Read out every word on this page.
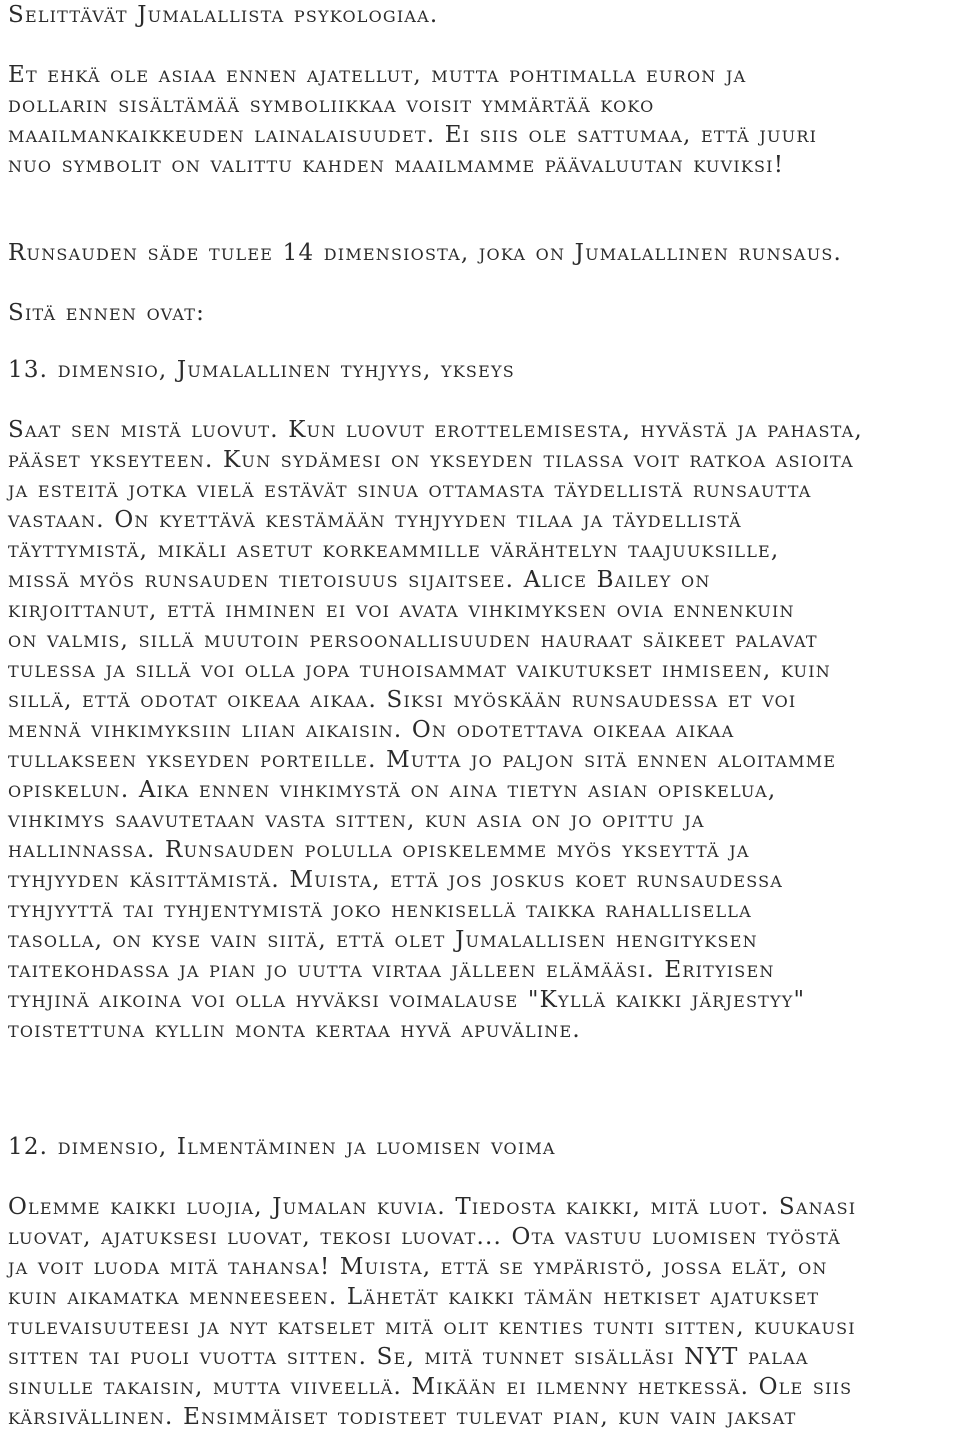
Selittävät Jumalallista psykologiaa.

Et ehkä ole asiaa ennen ajatellut, mutta pohtimalla euron ja
dollarin sisältämää symboliikkaa voisit ymmärtää koko
maailmankaikkeuden lainalaisuudet. Ei siis ole sattumaa, että juuri
nuo symbolit on valittu kahden maailmamme päävaluutan kuviksi!

Runsauden säde tulee 14 dimensiosta, joka on Jumalallinen runsaus.

Sitä ennen ovat:

13. dimensio, Jumalallinen tyhjyys, ykseys

Saat sen mistä luovut. Kun luovut erottelemisesta, hyvästä ja pahasta,
pääset ykseyteen. Kun sydämesi on ykseyden tilassa voit ratkoa asioita
ja esteitä jotka vielä estävät sinua ottamasta täydellistä runsautta
vastaan. On kyettävä kestämään tyhjyyden tilaa ja täydellistä
täyttymistä, mikäli asetut korkeammille värähtelyn taajuuksille,
missä myös runsauden tietoisuus sijaitsee. Alice Bailey on
kirjoittanut, että ihminen ei voi avata vihkimyksen ovia ennenkuin
on valmis, sillä muutoin persoonallisuuden hauraat säikeet palavat
tulessa ja sillä voi olla jopa tuhoisammat vaikutukset ihmiseen, kuin
sillä, että odotat oikeaa aikaa. Siksi myöskään runsaudessa et voi
mennä vihkimyksiin liian aikaisin. On odotettava oikeaa aikaa
tullakseen ykseyden porteille. Mutta jo paljon sitä ennen aloitamme
opiskelun. Aika ennen vihkimystä on aina tietyn asian opiskelua,
vihkimys saavutetaan vasta sitten, kun asia on jo opittu ja
hallinnassa. Runsauden polulla opiskelemme myös ykseyttä ja
tyhjyyden käsittämistä. Muista, että jos joskus koet runsaudessa
tyhjyyttä tai tyhjentymistä joko henkisellä taikka rahallisella
tasolla, on kyse vain siitä, että olet Jumalallisen hengityksen
taitekohdassa ja pian jo uutta virtaa jälleen elämääsi. Erityisen
tyhjinä aikoina voi olla hyväksi voimalause "Kyllä kaikki järjestyy"
toistettuna kyllin monta kertaa hyvä apuväline.

12. dimensio, Ilmentäminen ja luomisen voima

Olemme kaikki luojia, Jumalan kuvia. Tiedosta kaikki, mitä luot. Sanasi
luovat, ajatuksesi luovat, tekosi luovat... Ota vastuu luomisen työstä
ja voit luoda mitä tahansa! Muista, että se ympäristö, jossa elät, on
kuin aikamatka menneeseen. Lähetät kaikki tämän hetkiset ajatukset
tulevaisuuteesi ja nyt katselet mitä olit kenties tunti sitten, kuukausi
sitten tai puoli vuotta sitten. Se, mitä tunnet sisälläsi NYT palaa
sinulle takaisin, mutta viiveellä. Mikään ei ilmenny hetkessä. Ole siis
kärsivällinen. Ensimmäiset todisteet tulevat pian, kun vain jaksat
